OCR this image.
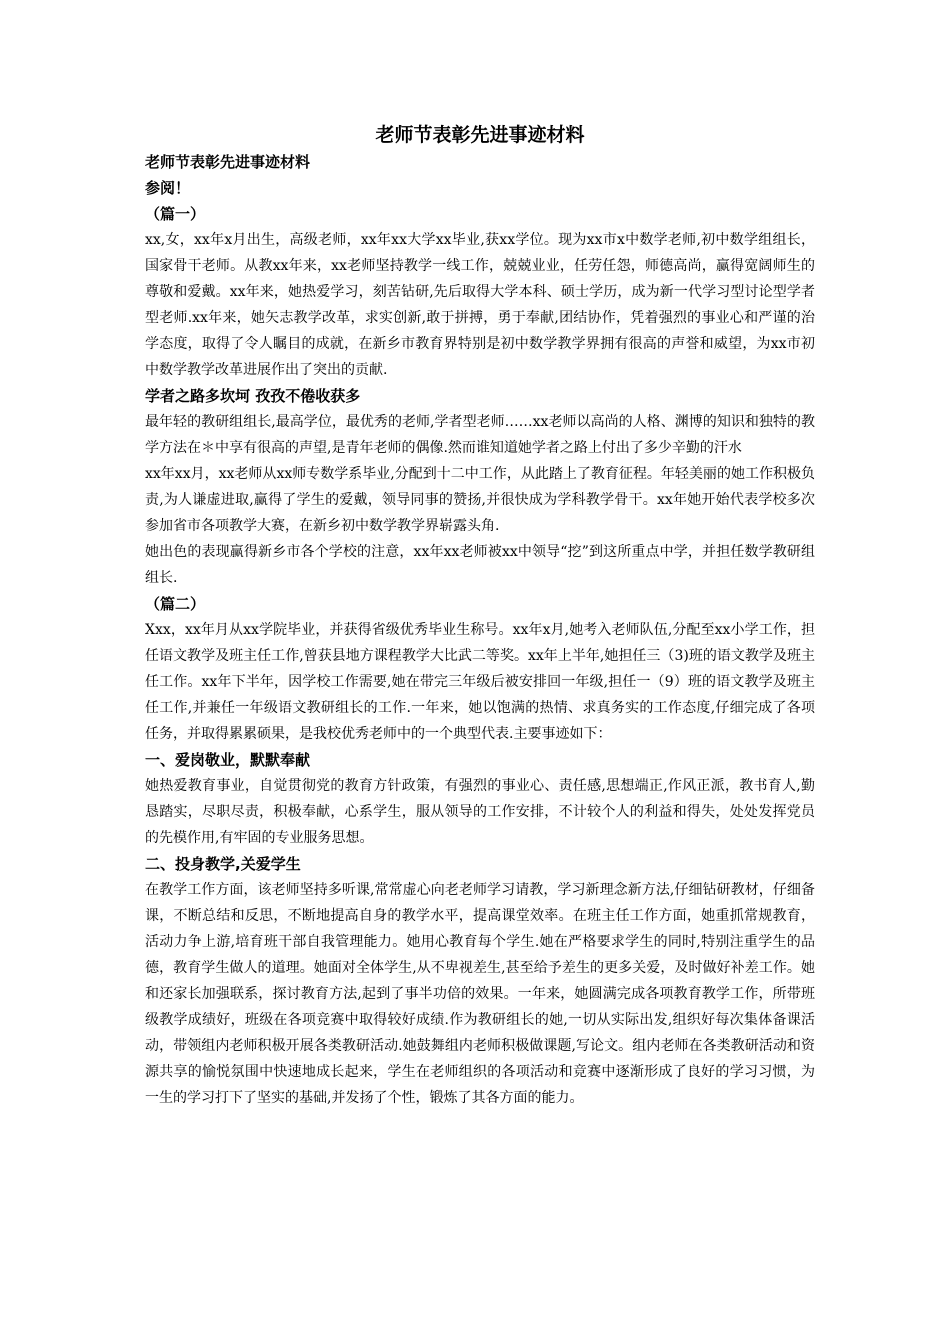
老师节表彰先进事迹材料
老师节表彰先进事迹材料
参阅！
（篇一）
xx,女，xx年x月出生，高级老师，xx年xx大学xx毕业,获xx学位。现为xx市x中数学老师,初中数学组组长，国家骨干老师。从教xx年来，xx老师坚持教学一线工作，兢兢业业，任劳任怨，师德高尚，赢得宽阔师生的尊敬和爱戴。xx年来，她热爱学习，刻苦钻研,先后取得大学本科、硕士学历，成为新一代学习型讨论型学者型老师.xx年来，她矢志教学改革，求实创新,敢于拼搏，勇于奉献,团结协作，凭着强烈的事业心和严谨的治学态度，取得了令人瞩目的成就，在新乡市教育界特别是初中数学教学界拥有很高的声誉和威望，为xx市初中数学教学改革进展作出了突出的贡献.
学者之路多坎坷 孜孜不倦收获多
最年轻的教研组组长,最高学位，最优秀的老师,学者型老师……xx老师以高尚的人格、渊博的知识和独特的教学方法在＊中享有很高的声望,是青年老师的偶像.然而谁知道她学者之路上付出了多少辛勤的汗水
xx年xx月，xx老师从xx师专数学系毕业,分配到十二中工作，从此踏上了教育征程。年轻美丽的她工作积极负责,为人谦虚进取,赢得了学生的爱戴，领导同事的赞扬,并很快成为学科教学骨干。xx年她开始代表学校多次参加省市各项教学大赛，在新乡初中数学教学界崭露头角.
她出色的表现赢得新乡市各个学校的注意，xx年xx老师被xx中领导“挖”到这所重点中学，并担任数学教研组组长.
（篇二）
Xxx，xx年月从xx学院毕业，并获得省级优秀毕业生称号。xx年x月,她考入老师队伍,分配至xx小学工作，担任语文教学及班主任工作,曾获县地方课程教学大比武二等奖。xx年上半年,她担任三（3)班的语文教学及班主任工作。xx年下半年，因学校工作需要,她在带完三年级后被安排回一年级,担任一（9）班的语文教学及班主任工作,并兼任一年级语文教研组长的工作.一年来，她以饱满的热情、求真务实的工作态度,仔细完成了各项任务，并取得累累硕果，是我校优秀老师中的一个典型代表.主要事迹如下：
一、爱岗敬业，默默奉献
她热爱教育事业，自觉贯彻党的教育方针政策，有强烈的事业心、责任感,思想端正,作风正派，教书育人,勤恳踏实，尽职尽责，积极奉献，心系学生，服从领导的工作安排，不计较个人的利益和得失，处处发挥党员的先模作用,有牢固的专业服务思想。
二、投身教学,关爱学生
在教学工作方面，该老师坚持多听课,常常虚心向老老师学习请教，学习新理念新方法,仔细钻研教材，仔细备课，不断总结和反思，不断地提高自身的教学水平，提高课堂效率。在班主任工作方面，她重抓常规教育，活动力争上游,培育班干部自我管理能力。她用心教育每个学生.她在严格要求学生的同时,特别注重学生的品德，教育学生做人的道理。她面对全体学生,从不卑视差生,甚至给予差生的更多关爱，及时做好补差工作。她和还家长加强联系，探讨教育方法,起到了事半功倍的效果。一年来，她圆满完成各项教育教学工作，所带班级教学成绩好，班级在各项竞赛中取得较好成绩.作为教研组长的她,一切从实际出发,组织好每次集体备课活动，带领组内老师积极开展各类教研活动.她鼓舞组内老师积极做课题,写论文。组内老师在各类教研活动和资源共享的愉悦氛围中快速地成长起来，学生在老师组织的各项活动和竞赛中逐渐形成了良好的学习习惯，为一生的学习打下了坚实的基础,并发扬了个性，锻炼了其各方面的能力。
